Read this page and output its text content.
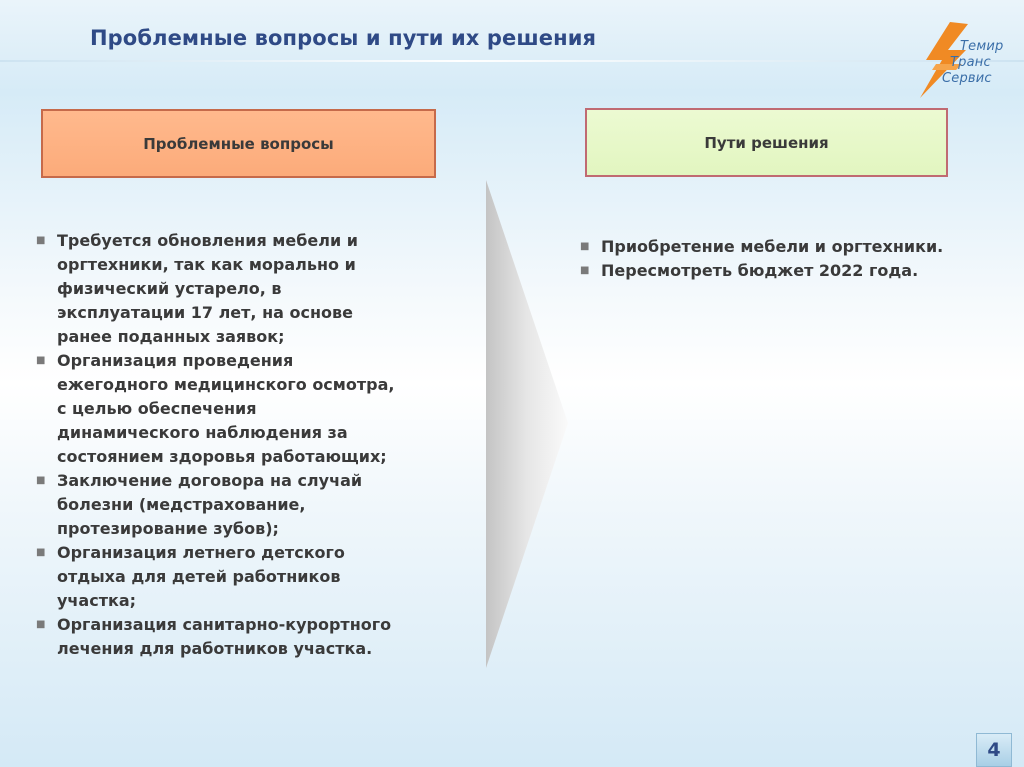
Проблемные вопросы и пути их решения	Темир
Транс
Сервис
Проблемные вопросы	Пути решения
■ Требуется обновления мебели и оргтехники, так как морально и физический устарело, в эксплуатации 17 лет, на основе ранее поданных заявок;
■ Организация проведения ежегодного медицинского осмотра, с целью обеспечения динамического наблюдения за состоянием здоровья работающих;
■ Заключение договора на случай болезни (медстрахование, протезирование зубов);
■ Организация летнего детского отдыха для детей работников участка;
■ Организация санитарно-курортного лечения для работников участка.
■ Приобретение мебели и оргтехники.
■ Пересмотреть бюджет 2022 года.
4
